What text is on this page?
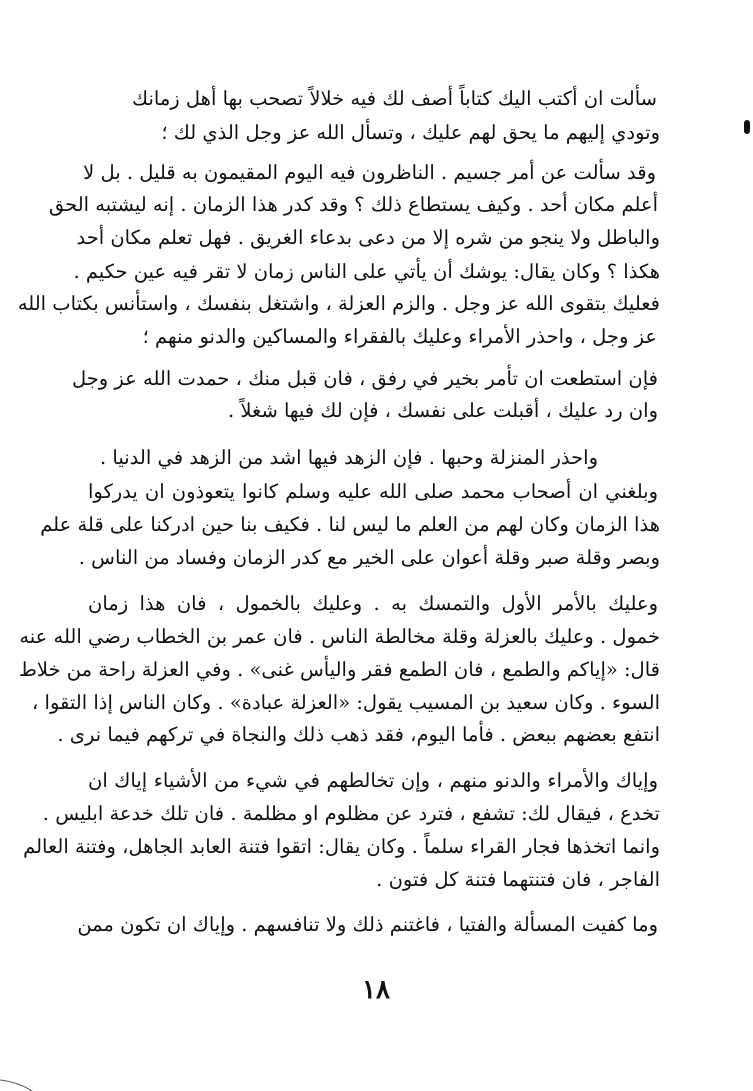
سألت ان أكتب اليك كتاباً أصف لك فيه خلالاً تصحب بها أهل زمانك
وتودي إليهم ما يحق لهم عليك ، وتسأل الله عز وجل الذي لك ؛
وقد سألت عن أمر جسيم . الناظرون فيه اليوم المقيمون به قليل . بل لا
أعلم مكان أحد . وكيف يستطاع ذلك ؟ وقد كدر هذا الزمان . إنه ليشتبه الحق
والباطل ولا ينجو من شره إلا من دعى بدعاء الغريق . فهل تعلم مكان أحد
هكذا ؟ وكان يقال: يوشك أن يأتي على الناس زمان لا تقر فيه عين حكيم .
فعليك بتقوى الله عز وجل . والزم العزلة ، واشتغل بنفسك ، واستأنس بكتاب الله
عز وجل ، واحذر الأمراء وعليك بالفقراء والمساكين والدنو منهم ؛
فإن استطعت ان تأمر بخير في رفق ، فان قبل منك ، حمدت الله عز وجل
وان رد عليك ، أقبلت على نفسك ، فإن لك فيها شغلاً .
واحذر المنزلة وحبها . فإن الزهد فيها اشد من الزهد في الدنيا .
وبلغني ان أصحاب محمد صلى الله عليه وسلم كانوا يتعوذون ان يدركوا
هذا الزمان وكان لهم من العلم ما ليس لنا . فكيف بنا حين ادركنا على قلة علم
وبصر وقلة صبر وقلة أعوان على الخير مع كدر الزمان وفساد من الناس .
وعليك بالأمر الأول والتمسك به . وعليك بالخمول ، فان هذا زمان
خمول . وعليك بالعزلة وقلة مخالطة الناس . فان عمر بن الخطاب رضي الله عنه
قال: «إياكم والطمع ، فان الطمع فقر واليأس غنى» . وفي العزلة راحة من خلاط
السوء . وكان سعيد بن المسيب يقول: «العزلة عبادة» . وكان الناس إذا التقوا ،
انتفع بعضهم ببعض . فأما اليوم، فقد ذهب ذلك والنجاة في تركهم فيما نرى .
وإياك والأمراء والدنو منهم ، وإن تخالطهم في شيء من الأشياء إياك ان
تخدع ، فيقال لك: تشفع ، فترد عن مظلوم او مظلمة . فان تلك خدعة ابليس .
وانما اتخذها فجار القراء سلماً . وكان يقال: اتقوا فتنة العابد الجاهل، وفتنة العالم
الفاجر ، فان فتنتهما فتنة كل فتون .
وما كفيت المسألة والفتيا ، فاغتنم ذلك ولا تنافسهم . وإياك ان تكون ممن
١٨
